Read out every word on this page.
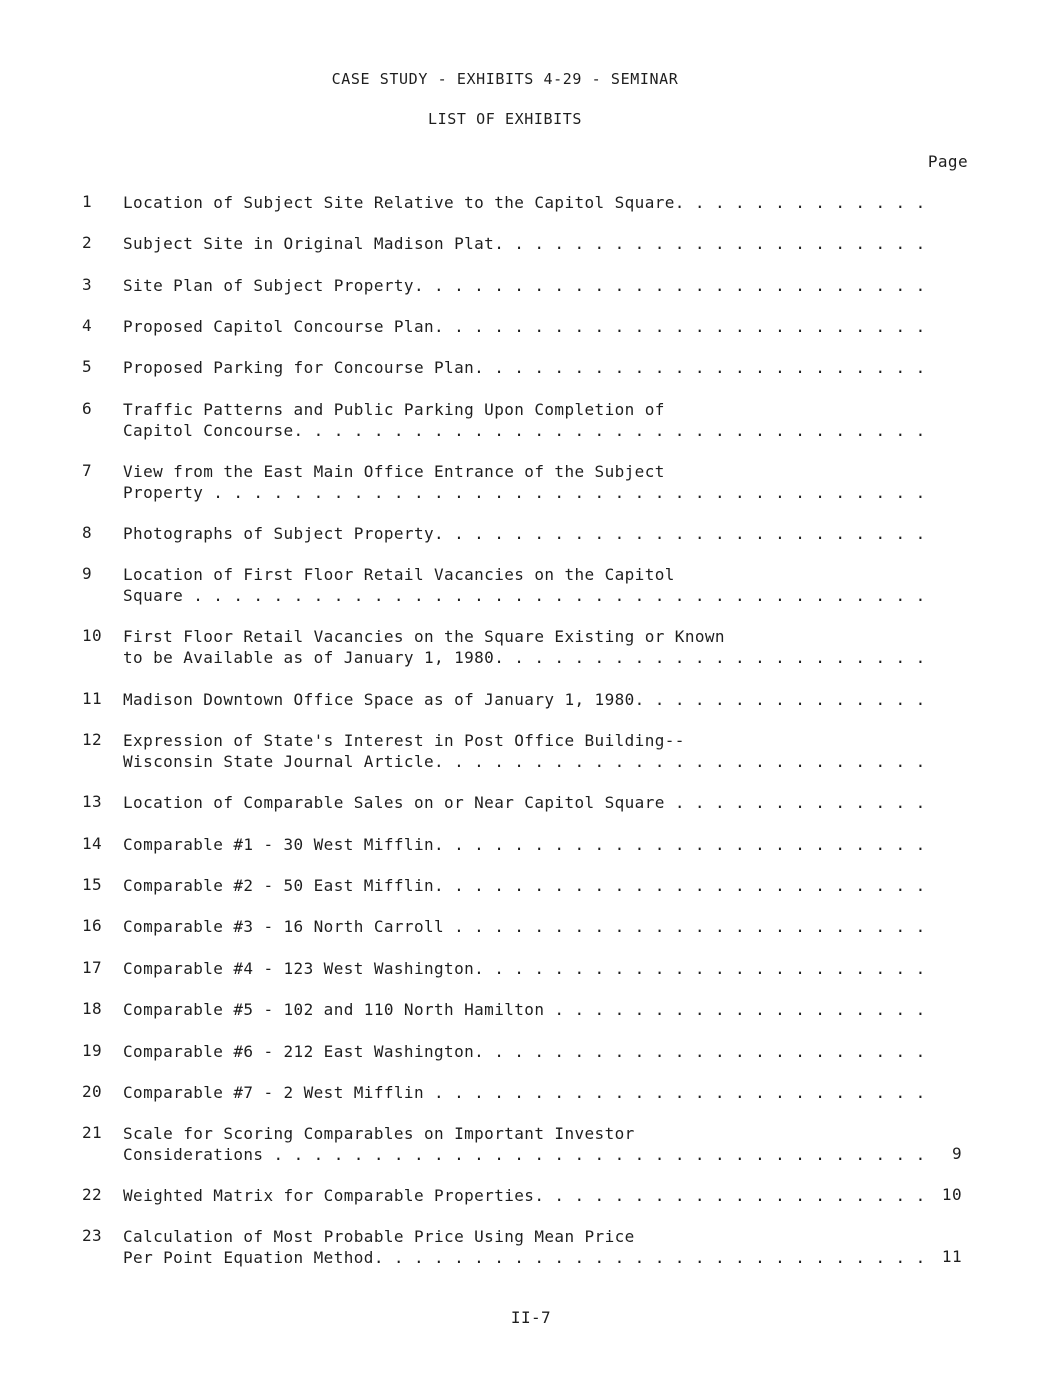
CASE STUDY - EXHIBITS 4-29 - SEMINAR
LIST OF EXHIBITS
Page
1	Location of Subject Site Relative to the Capitol Square. . . .
2	Subject Site in Original Madison Plat. . . .
3	Site Plan of Subject Property. . . .
4	Proposed Capitol Concourse Plan. . . .
5	Proposed Parking for Concourse Plan. . . .
6	Traffic Patterns and Public Parking Upon Completion of
Capitol Concourse. . . .
7	View from the East Main Office Entrance of the Subject
Property . . .
8	Photographs of Subject Property. . . .
9	Location of First Floor Retail Vacancies on the Capitol
Square . . .
10	First Floor Retail Vacancies on the Square Existing or Known
to be Available as of January 1, 1980. . . .
11	Madison Downtown Office Space as of January 1, 1980. . . .
12	Expression of State's Interest in Post Office Building--
Wisconsin State Journal Article. . . .
13	Location of Comparable Sales on or Near Capitol Square . . .
14	Comparable #1 - 30 West Mifflin. . . .
15	Comparable #2 - 50 East Mifflin. . . .
16	Comparable #3 - 16 North Carroll . . .
17	Comparable #4 - 123 West Washington. . . .
18	Comparable #5 - 102 and 110 North Hamilton . . .
19	Comparable #6 - 212 East Washington. . . .
20	Comparable #7 - 2 West Mifflin . . .
21	Scale for Scoring Comparables on Important Investor
Considerations . . .	9
22	Weighted Matrix for Comparable Properties. . . .	10
23	Calculation of Most Probable Price Using Mean Price
Per Point Equation Method. . . .	11
II-7
